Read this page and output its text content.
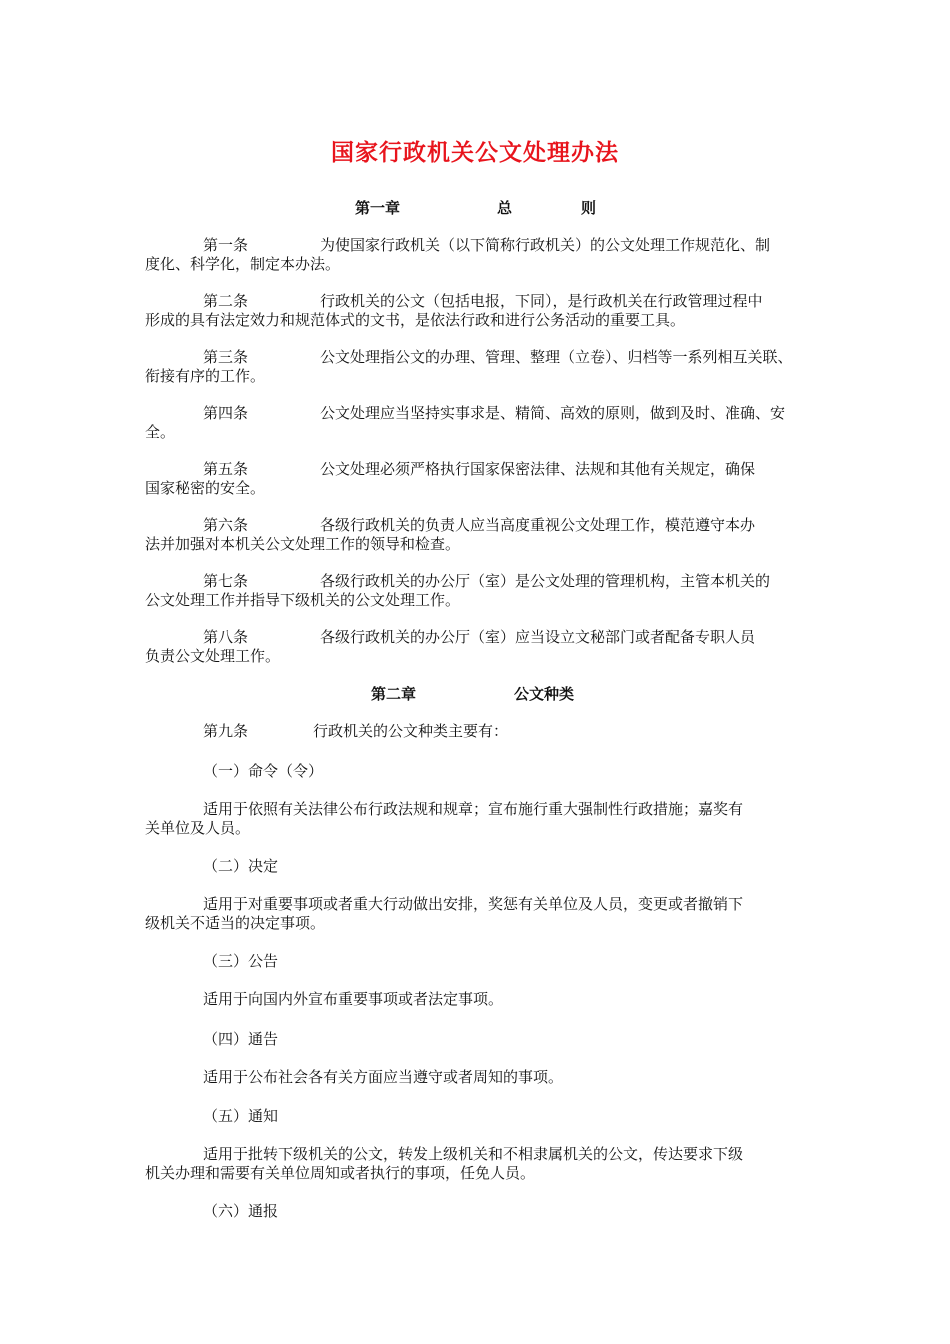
国家行政机关公文处理办法
第一章	总	则
第一条	为使国家行政机关（以下简称行政机关）的公文处理工作规范化、制
度化、科学化，制定本办法。
第二条	行政机关的公文（包括电报，下同），是行政机关在行政管理过程中
形成的具有法定效力和规范体式的文书，是依法行政和进行公务活动的重要工具。
第三条	公文处理指公文的办理、管理、整理（立卷）、归档等一系列相互关联、
衔接有序的工作。
第四条	公文处理应当坚持实事求是、精简、高效的原则，做到及时、准确、安
全。
第五条	公文处理必须严格执行国家保密法律、法规和其他有关规定，确保
国家秘密的安全。
第六条	各级行政机关的负责人应当高度重视公文处理工作，模范遵守本办
法并加强对本机关公文处理工作的领导和检查。
第七条	各级行政机关的办公厅（室）是公文处理的管理机构，主管本机关的
公文处理工作并指导下级机关的公文处理工作。
第八条	各级行政机关的办公厅（室）应当设立文秘部门或者配备专职人员
负责公文处理工作。
第二章	公文种类
第九条	行政机关的公文种类主要有：
（一）命令（令）
适用于依照有关法律公布行政法规和规章；宣布施行重大强制性行政措施；嘉奖有
关单位及人员。
（二）决定
适用于对重要事项或者重大行动做出安排，奖惩有关单位及人员，变更或者撤销下
级机关不适当的决定事项。
（三）公告
适用于向国内外宣布重要事项或者法定事项。
（四）通告
适用于公布社会各有关方面应当遵守或者周知的事项。
（五）通知
适用于批转下级机关的公文，转发上级机关和不相隶属机关的公文，传达要求下级
机关办理和需要有关单位周知或者执行的事项，任免人员。
（六）通报
